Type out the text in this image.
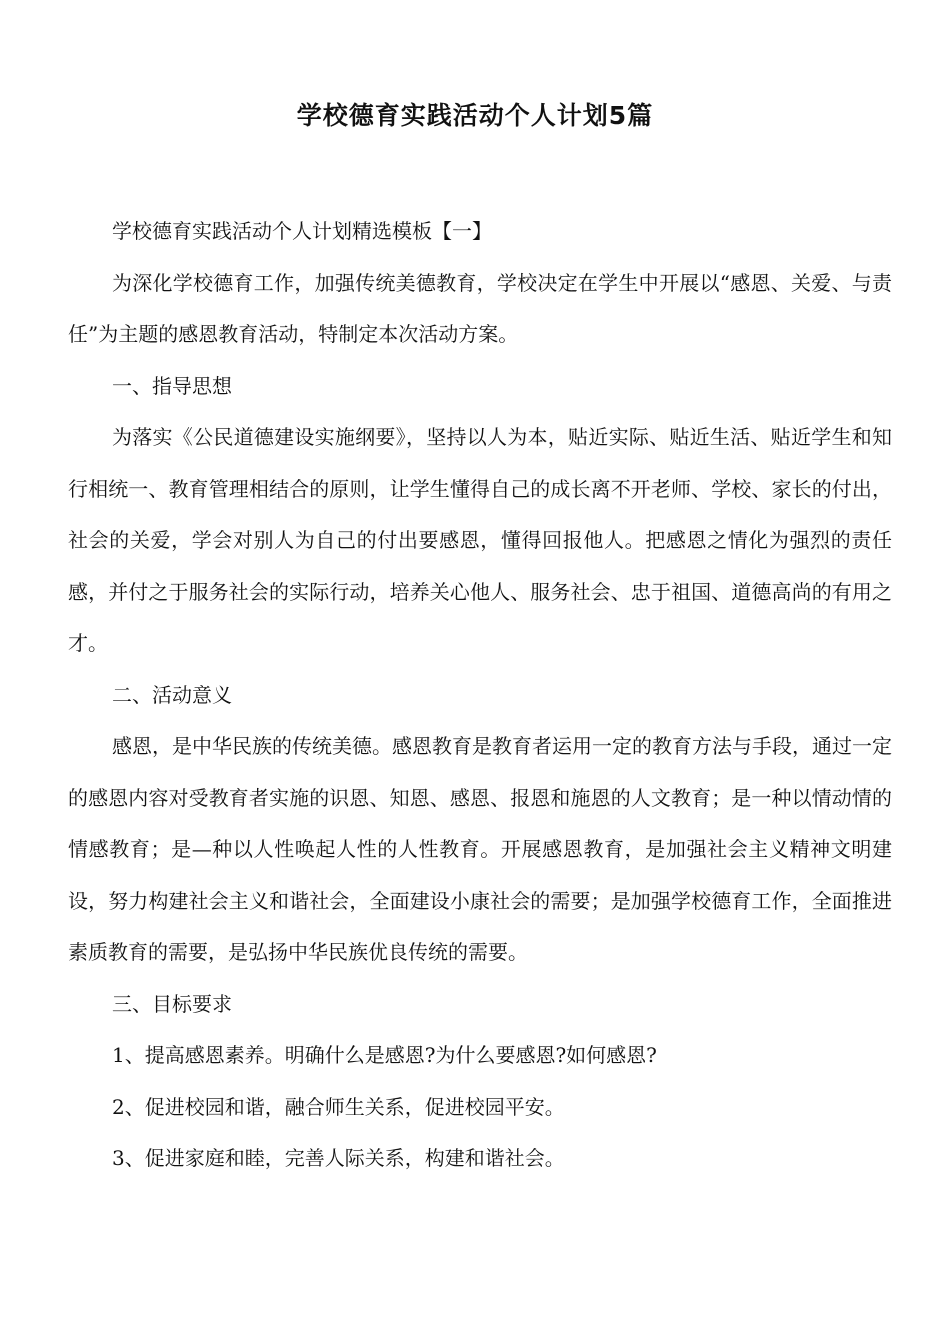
学校德育实践活动个人计划5篇

学校德育实践活动个人计划精选模板【一】

为深化学校德育工作，加强传统美德教育，学校决定在学生中开展以“感恩、关爱、与责任”为主题的感恩教育活动，特制定本次活动方案。

一、指导思想

为落实《公民道德建设实施纲要》，坚持以人为本，贴近实际、贴近生活、贴近学生和知行相统一、教育管理相结合的原则，让学生懂得自己的成长离不开老师、学校、家长的付出，社会的关爱，学会对别人为自己的付出要感恩，懂得回报他人。把感恩之情化为强烈的责任感，并付之于服务社会的实际行动，培养关心他人、服务社会、忠于祖国、道德高尚的有用之才。

二、活动意义

感恩，是中华民族的传统美德。感恩教育是教育者运用一定的教育方法与手段，通过一定的感恩内容对受教育者实施的识恩、知恩、感恩、报恩和施恩的人文教育；是一种以情动情的情感教育；是—种以人性唤起人性的人性教育。开展感恩教育，是加强社会主义精神文明建设，努力构建社会主义和谐社会，全面建设小康社会的需要；是加强学校德育工作，全面推进素质教育的需要，是弘扬中华民族优良传统的需要。

三、目标要求

1、提高感恩素养。明确什么是感恩?为什么要感恩?如何感恩?

2、促进校园和谐，融合师生关系，促进校园平安。

3、促进家庭和睦，完善人际关系，构建和谐社会。
